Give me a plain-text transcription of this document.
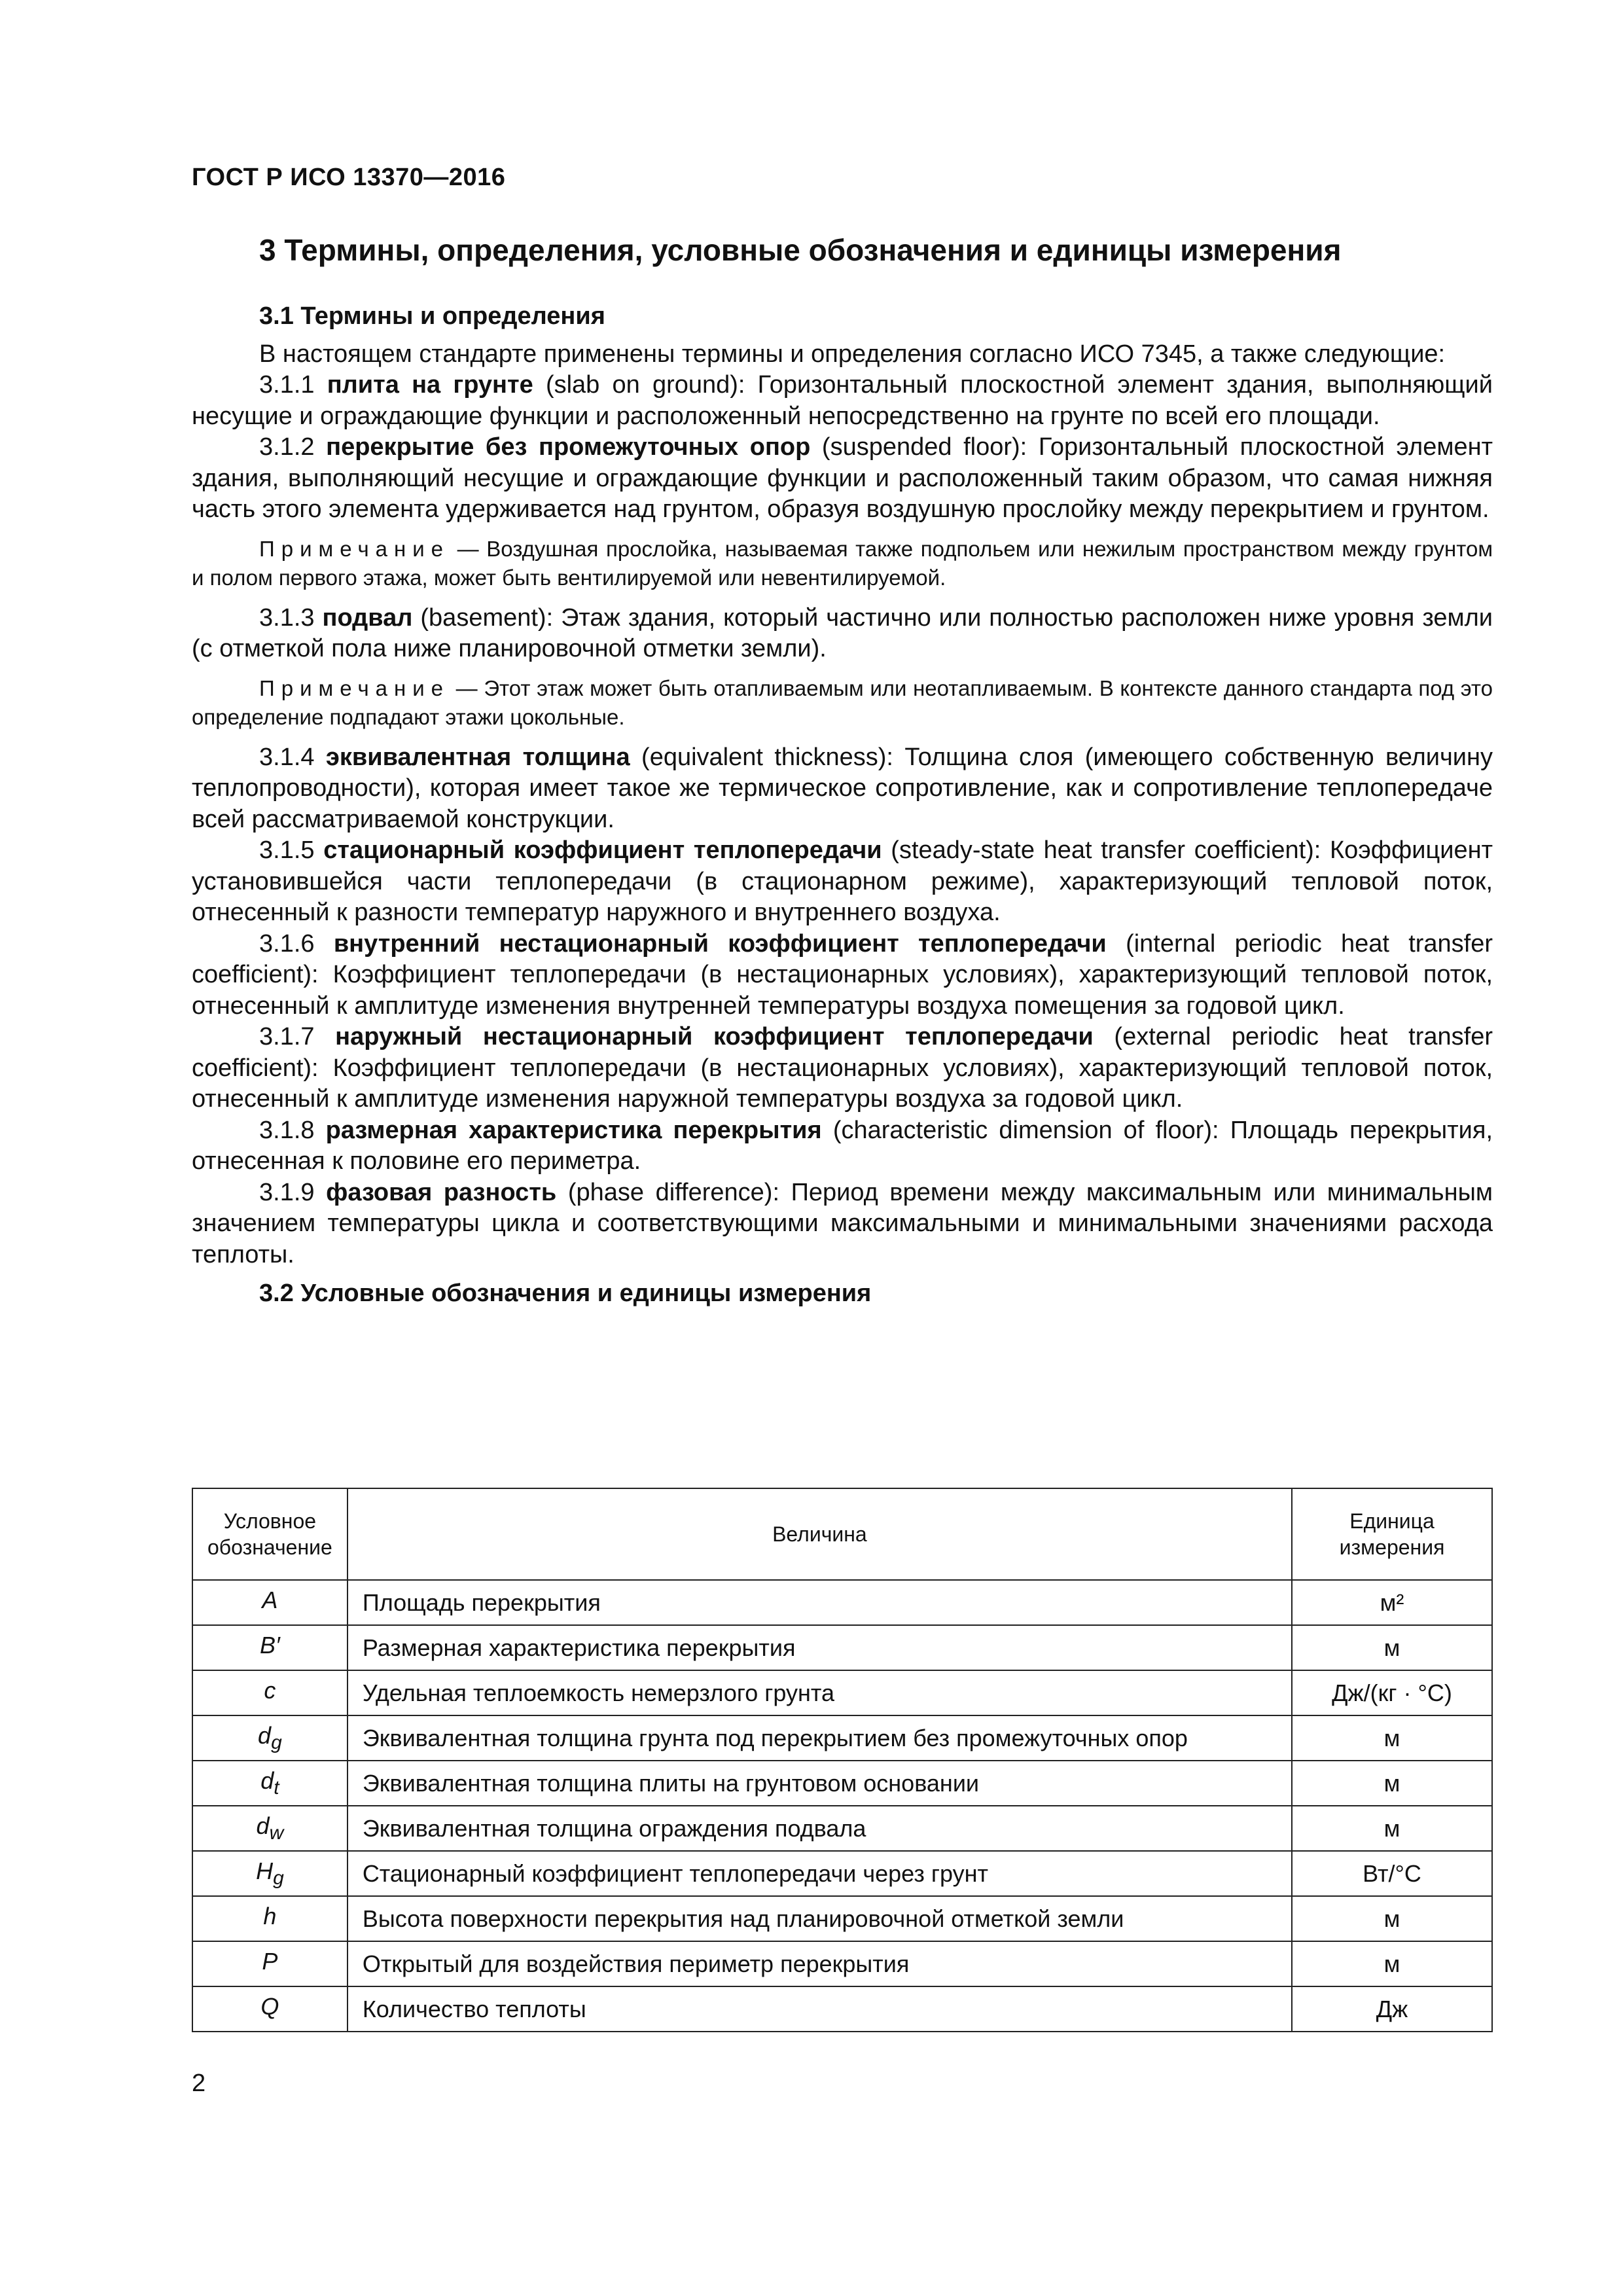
ГОСТ Р ИСО 13370—2016
3 Термины, определения, условные обозначения и единицы измерения
3.1 Термины и определения

В настоящем стандарте применены термины и определения согласно ИСО 7345, а также следующие:

3.1.1 плита на грунте (slab on ground): Горизонтальный плоскостной элемент здания, выполняющий несущие и ограждающие функции и расположенный непосредственно на грунте по всей его площади.

3.1.2 перекрытие без промежуточных опор (suspended floor): Горизонтальный плоскостной элемент здания, выполняющий несущие и ограждающие функции и расположенный таким образом, что самая нижняя часть этого элемента удерживается над грунтом, образуя воздушную прослойку между перекрытием и грунтом.

Примечание — Воздушная прослойка, называемая также подпольем или нежилым пространством между грунтом и полом первого этажа, может быть вентилируемой или невентилируемой.

3.1.3 подвал (basement): Этаж здания, который частично или полностью расположен ниже уровня земли (с отметкой пола ниже планировочной отметки земли).

Примечание — Этот этаж может быть отапливаемым или неотапливаемым. В контексте данного стандарта под это определение подпадают этажи цокольные.

3.1.4 эквивалентная толщина (equivalent thickness): Толщина слоя (имеющего собственную величину теплопроводности), которая имеет такое же термическое сопротивление, как и сопротивление теплопередаче всей рассматриваемой конструкции.

3.1.5 стационарный коэффициент теплопередачи (steady-state heat transfer coefficient): Коэффициент установившейся части теплопередачи (в стационарном режиме), характеризующий тепловой поток, отнесенный к разности температур наружного и внутреннего воздуха.

3.1.6 внутренний нестационарный коэффициент теплопередачи (internal periodic heat transfer coefficient): Коэффициент теплопередачи (в нестационарных условиях), характеризующий тепловой поток, отнесенный к амплитуде изменения внутренней температуры воздуха помещения за годовой цикл.

3.1.7 наружный нестационарный коэффициент теплопередачи (external periodic heat transfer coefficient): Коэффициент теплопередачи (в нестационарных условиях), характеризующий тепловой поток, отнесенный к амплитуде изменения наружной температуры воздуха за годовой цикл.

3.1.8 размерная характеристика перекрытия (characteristic dimension of floor): Площадь перекрытия, отнесенная к половине его периметра.

3.1.9 фазовая разность (phase difference): Период времени между максимальным или минимальным значением температуры цикла и соответствующими максимальными и минимальными значениями расхода теплоты.

3.2 Условные обозначения и единицы измерения
Условное обозначение	Величина	Единица измерения
A	Площадь перекрытия	м²
B′	Размерная характеристика перекрытия	м
c	Удельная теплоемкость немерзлого грунта	Дж/(кг · °С)
$d_g$	Эквивалентная толщина грунта под перекрытием без промежуточных опор	м
$d_t$	Эквивалентная толщина плиты на грунтовом основании	м
$d_w$	Эквивалентная толщина ограждения подвала	м
$H_g$	Стационарный коэффициент теплопередачи через грунт	Вт/°С
h	Высота поверхности перекрытия над планировочной отметкой земли	м
P	Открытый для воздействия периметр перекрытия	м
Q	Количество теплоты	Дж
2
